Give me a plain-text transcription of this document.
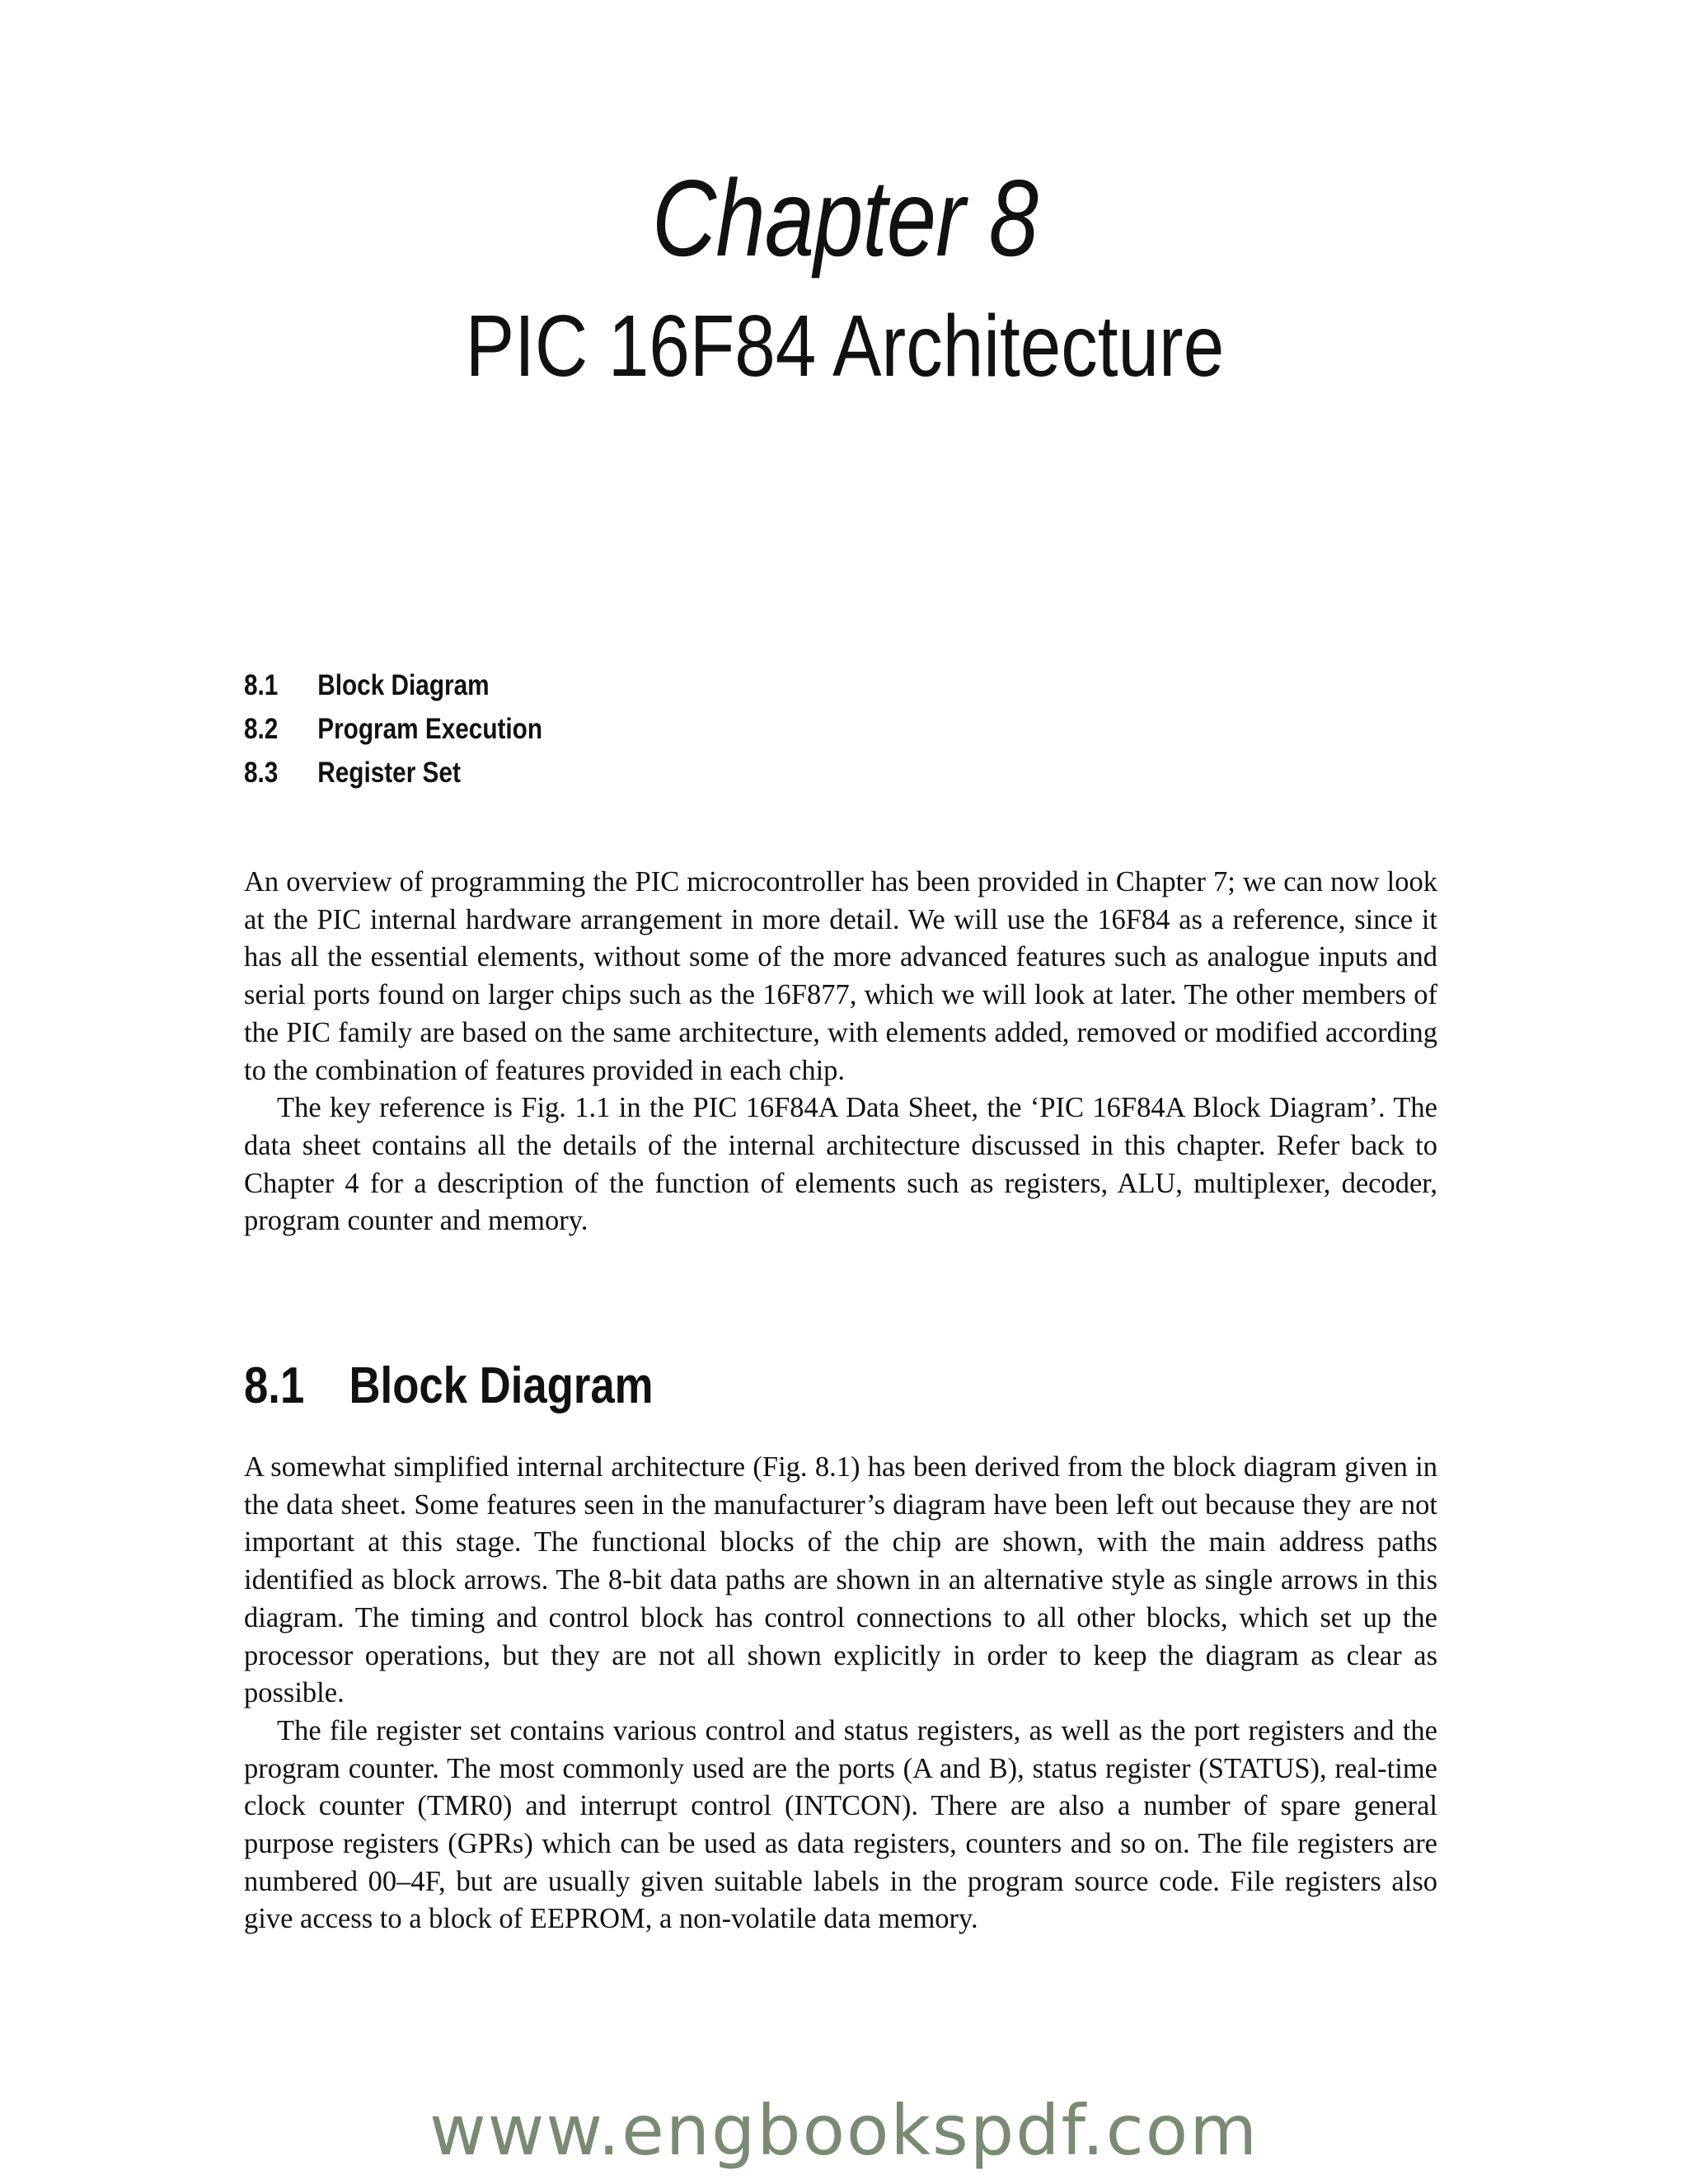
Chapter 8
PIC 16F84 Architecture
8.1	Block Diagram
8.2	Program Execution
8.3	Register Set

An overview of programming the PIC microcontroller has been provided in Chapter 7; we can now look at the PIC internal hardware arrangement in more detail. We will use the 16F84 as a reference, since it has all the essential elements, without some of the more advanced features such as analogue inputs and serial ports found on larger chips such as the 16F877, which we will look at later. The other members of the PIC family are based on the same architecture, with elements added, removed or modified according to the combination of features provided in each chip.

The key reference is Fig. 1.1 in the PIC 16F84A Data Sheet, the ‘PIC 16F84A Block Diagram’. The data sheet contains all the details of the internal architecture discussed in this chapter. Refer back to Chapter 4 for a description of the function of elements such as registers, ALU, multiplexer, decoder, program counter and memory.

8.1 Block Diagram

A somewhat simplified internal architecture (Fig. 8.1) has been derived from the block diagram given in the data sheet. Some features seen in the manufacturer’s diagram have been left out because they are not important at this stage. The functional blocks of the chip are shown, with the main address paths identified as block arrows. The 8-bit data paths are shown in an alternative style as single arrows in this diagram. The timing and control block has control connections to all other blocks, which set up the processor operations, but they are not all shown explicitly in order to keep the diagram as clear as possible.

The file register set contains various control and status registers, as well as the port registers and the program counter. The most commonly used are the ports (A and B), status register (STATUS), real-time clock counter (TMR0) and interrupt control (INTCON). There are also a number of spare general purpose registers (GPRs) which can be used as data registers, counters and so on. The file registers are numbered 00–4F, but are usually given suitable labels in the program source code. File registers also give access to a block of EEPROM, a non-volatile data memory.

www.engbookspdf.com
